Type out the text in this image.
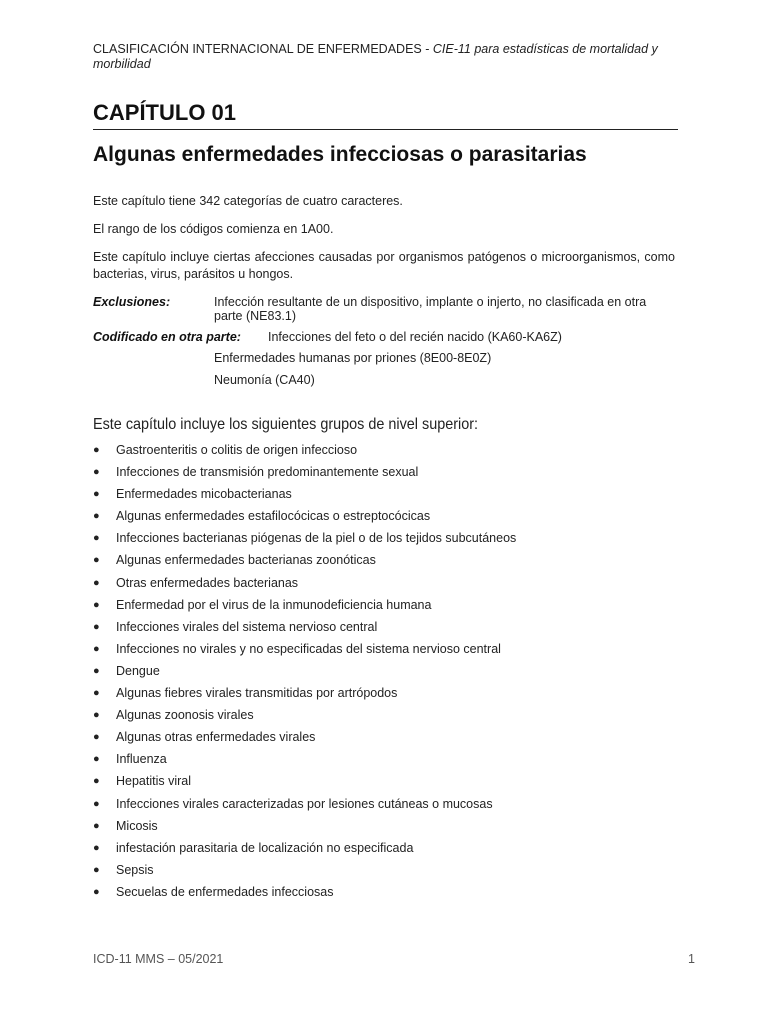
CLASIFICACIÓN INTERNACIONAL DE ENFERMEDADES - CIE-11 para estadísticas de mortalidad y morbilidad
CAPÍTULO 01
Algunas enfermedades infecciosas o parasitarias
Este capítulo tiene 342 categorías de cuatro caracteres.
El rango de los códigos comienza en 1A00.
Este capítulo incluye ciertas afecciones causadas por organismos patógenos o microorganismos, como bacterias, virus, parásitos u hongos.
Exclusiones:	Infección resultante de un dispositivo, implante o injerto, no clasificada en otra parte (NE83.1)
Codificado en otra parte: Infecciones del feto o del recién nacido (KA60-KA6Z)
Enfermedades humanas por priones (8E00-8E0Z)
Neumonía (CA40)
Este capítulo incluye los siguientes grupos de nivel superior:
● Gastroenteritis o colitis de origen infeccioso
● Infecciones de transmisión predominantemente sexual
● Enfermedades micobacterianas
● Algunas enfermedades estafilocócicas o estreptocócicas
● Infecciones bacterianas piógenas de la piel o de los tejidos subcutáneos
● Algunas enfermedades bacterianas zoonóticas
● Otras enfermedades bacterianas
● Enfermedad por el virus de la inmunodeficiencia humana
● Infecciones virales del sistema nervioso central
● Infecciones no virales y no especificadas del sistema nervioso central
● Dengue
● Algunas fiebres virales transmitidas por artrópodos
● Algunas zoonosis virales
● Algunas otras enfermedades virales
● Influenza
● Hepatitis viral
● Infecciones virales caracterizadas por lesiones cutáneas o mucosas
● Micosis
● infestación parasitaria de localización no especificada
● Sepsis
● Secuelas de enfermedades infecciosas
ICD-11 MMS – 05/2021	1
